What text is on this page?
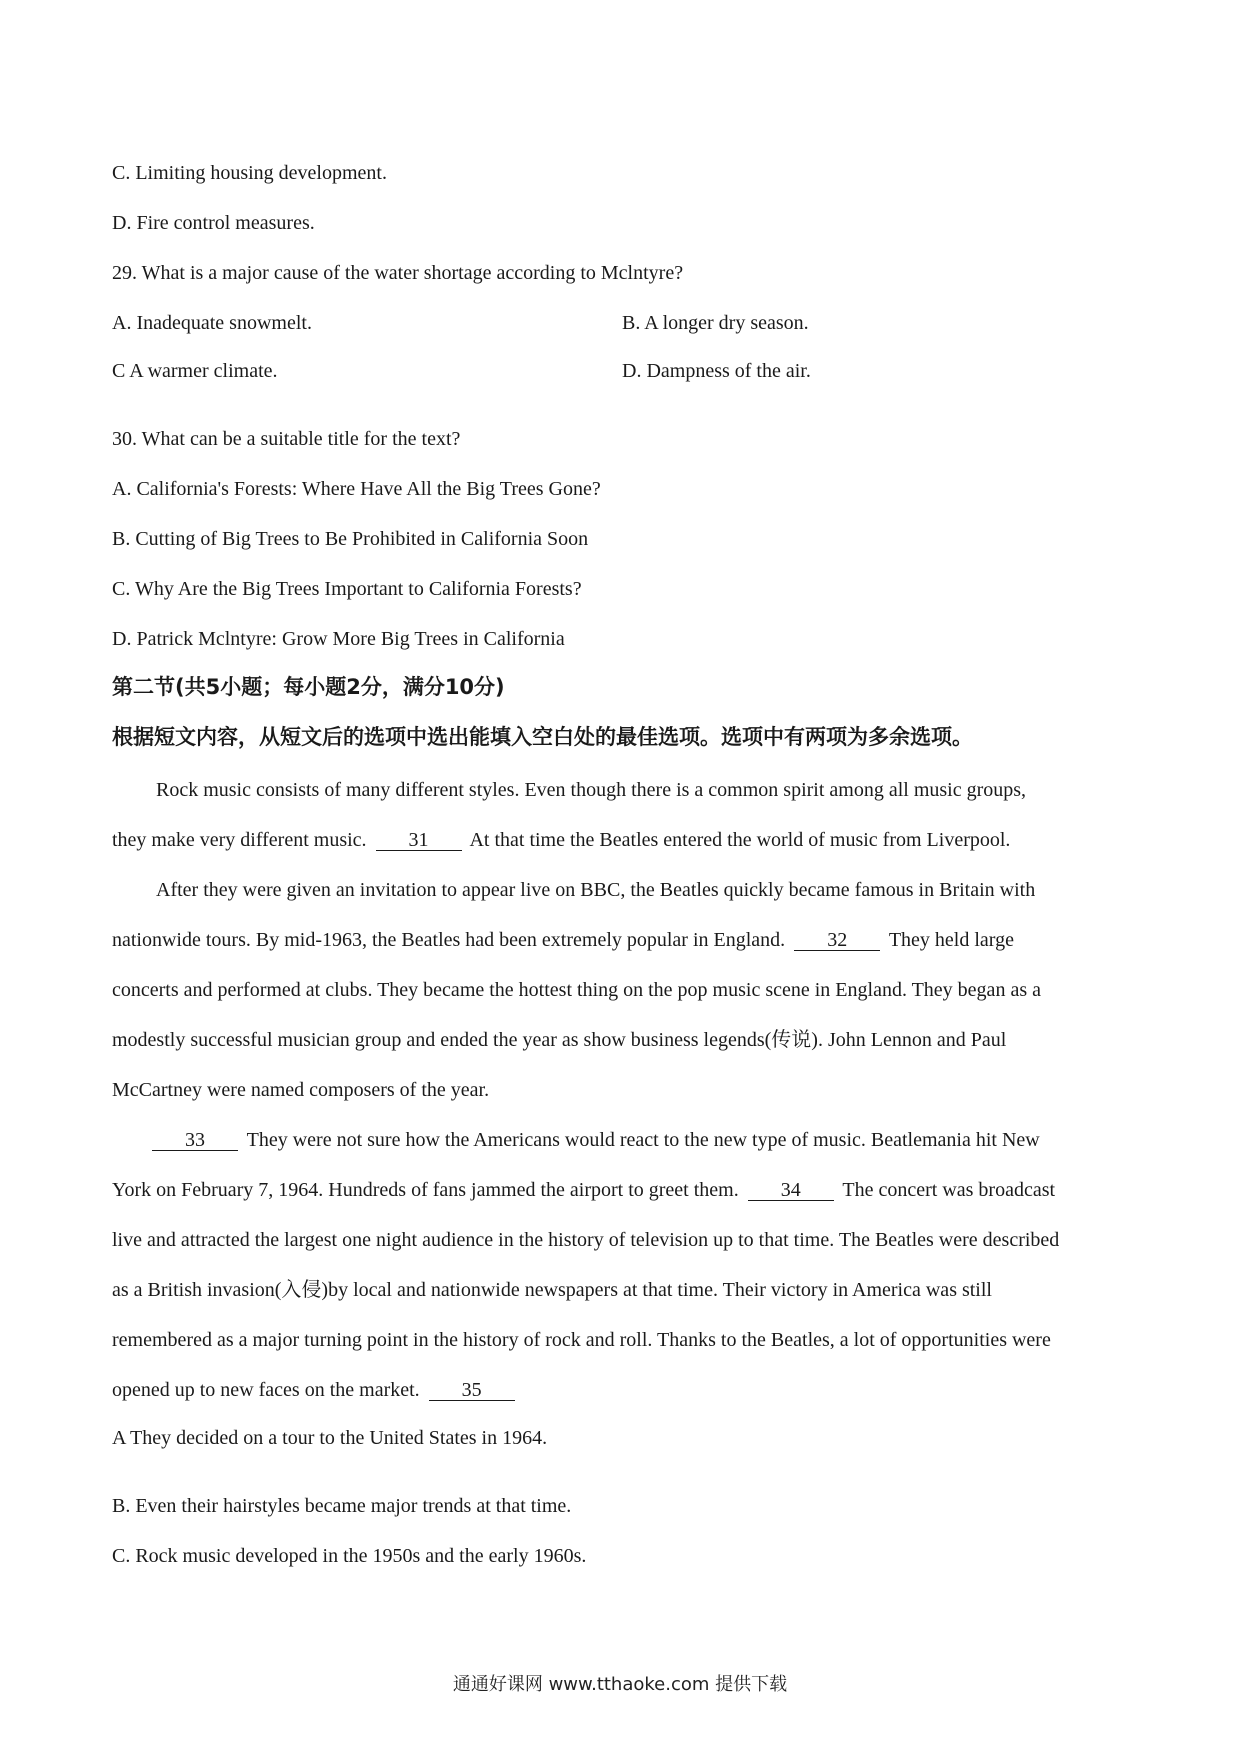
C. Limiting housing development.
D. Fire control measures.
29. What is a major cause of the water shortage according to Mclntyre?
A. Inadequate snowmelt.	B. A longer dry season.
C A warmer climate.	D. Dampness of the air.
30. What can be a suitable title for the text?
A. California's Forests: Where Have All the Big Trees Gone?
B. Cutting of Big Trees to Be Prohibited in California Soon
C. Why Are the Big Trees Important to California Forests?
D. Patrick Mclntyre: Grow More Big Trees in California
第二节(共5小题；每小题2分，满分10分)
根据短文内容，从短文后的选项中选出能填入空白处的最佳选项。选项中有两项为多余选项。
Rock music consists of many different styles. Even though there is a common spirit among all music groups,
they make very different music. 31 At that time the Beatles entered the world of music from Liverpool.
After they were given an invitation to appear live on BBC, the Beatles quickly became famous in Britain with
nationwide tours. By mid-1963, the Beatles had been extremely popular in England. 32 They held large
concerts and performed at clubs. They became the hottest thing on the pop music scene in England. They began as a
modestly successful musician group and ended the year as show business legends(传说). John Lennon and Paul
McCartney were named composers of the year.
33 They were not sure how the Americans would react to the new type of music. Beatlemania hit New
York on February 7, 1964. Hundreds of fans jammed the airport to greet them. 34 The concert was broadcast
live and attracted the largest one night audience in the history of television up to that time. The Beatles were described
as a British invasion(入侵)by local and nationwide newspapers at that time. Their victory in America was still
remembered as a major turning point in the history of rock and roll. Thanks to the Beatles, a lot of opportunities were
opened up to new faces on the market. 35
A They decided on a tour to the United States in 1964.
B. Even their hairstyles became major trends at that time.
C. Rock music developed in the 1950s and the early 1960s.
通通好课网 www.tthaoke.com 提供下载
